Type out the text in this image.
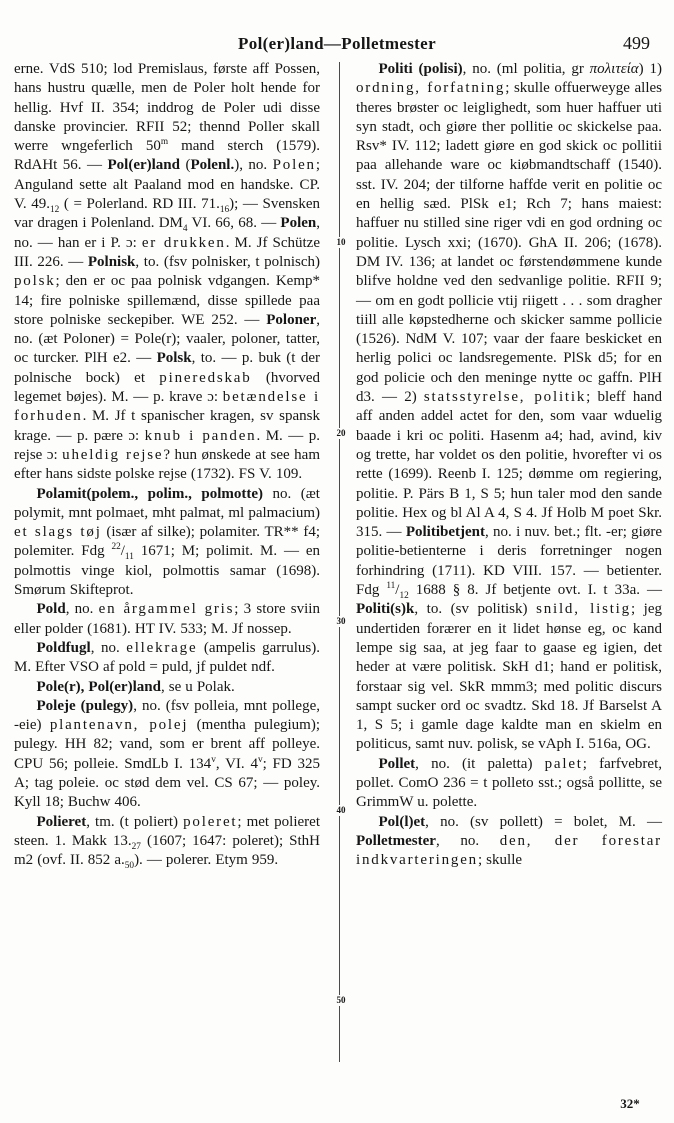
Pol(er)land—Polletmester	499

erne. VdS 510; lod Premislaus, første aff Possen, hans hustru quælle, men de Poler holt hende for hellig. Hvf II. 354; inddrog de Poler udi disse danske provincier. RFII 52; thennd Poller skall werre wngeferlich 50$^m$ mand sterch (1579). RdAHt 56. — Pol(er)land (Polenl.), no. Polen; Anguland sette alt Paaland mod en handske. CP. V. $49._{12}$ ( = Polerland. RD III. $71._{16}$); — Svensken var dragen i Polenland. $DM_4$ VI. 66, 68. — Polen, no. — han er i P. ɔ: er drukken. M. Jf Schütze III. 226. — Polnisk, to. (fsv polnisker, t polnisch) polsk; den er oc paa polnisk vdgangen. Kemp* 14; fire polniske spillemænd, disse spillede paa store polniske seckepiber. WE 252. — Poloner, no. (æt Poloner) = Pole(r); vaaler, poloner, tatter, oc turcker. PlH e2. — Polsk, to. — p. buk (t der polnische bock) et pineredskab (hvorved legemet bøjes). M. — p. krave ɔ: betændelse i forhuden. M. Jf t spanischer kragen, sv spansk krage. — p. pære ɔ: knub i panden. M. — p. rejse ɔ: uheldig rejse? hun ønskede at see ham efter hans sidste polske rejse (1732). FS V. 109.

Polamit(polem., polim., polmotte) no. (æt polymit, mnt polmaet, mht palmat, ml palmacium) et slags tøj (især af silke); polamiter. TR** f4; polemiter. Fdg $^{22}/_{11}$ 1671; M; polimit. M. — en polmottis vinge kiol, polmottis samar (1698). Smørum Skifteprot.

Pold, no. en årgammel gris; 3 store sviin eller polder (1681). HT IV. 533; M. Jf nossep.

Poldfugl, no. ellekrage (ampelis garrulus). M. Efter VSO af pold = puld, jf puldet ndf.

Pole(r), Pol(er)land, se u Polak.

Poleje (pulegy), no. (fsv polleia, mnt pollege, -eie) plantenavn, polej (mentha pulegium); pulegy. HH 82; vand, som er brent aff polleye. CPU 56; polleie. SmdLb I. 134$^v$, VI. 4$^v$; FD 325 A; tag poleie. oc stød dem vel. CS 67; — poley. Kyll 18; Buchw 406.

Polieret, tm. (t poliert) poleret; met polieret steen. 1. Makk $13._{27}$ (1607; 1647: poleret); SthH m2 (ovf. II. 852 $a._{50}$). — polerer. Etym 959.

Politi (polisi), no. (ml politia, gr πολιτεία) 1) ordning, forfatning; skulle offuerweyge alles theres brøster oc leiglighedt, som huer haffuer uti syn stadt, och giøre ther pollitie oc skickelse paa. Rsv* IV. 112; ladett giøre en god skick oc pollitii paa allehande ware oc kiøbmandtschaff (1540). sst. IV. 204; der tilforne haffde verit en politie oc en hellig sæd. PlSk e1; Rch 7; hans maiest: haffuer nu stilled sine riger vdi en god ordning oc politie. Lysch xxi; (1670). GhA II. 206; (1678). DM IV. 136; at landet oc førstendømmene kunde blifve holdne ved den sedvanlige politie. RFII 9; — om en godt pollicie vtij riigett . . . som dragher tiill alle køpstedherne och skicker samme pollicie (1526). NdM V. 107; vaar der faare beskicket en herlig polici oc landsregemente. PlSk d5; for en god policie och den meninge nytte oc gaffn. PlH d3. — 2) statsstyrelse, politik; bleff hand aff anden addel actet for den, som vaar wduelig baade i kri oc politi. Hasenm a4; had, avind, kiv og trette, har voldet os den politie, hvorefter vi os rette (1699). Reenb I. 125; dømme om regiering, politie. P. Pärs B 1, S 5; hun taler mod den sande politie. Hex og bl Al A 4, S 4. Jf Holb M poet Skr. 315. — Politibetjent, no. i nuv. bet.; flt. -er; giøre politie-betienterne i deris forretninger nogen forhindring (1711). KD VIII. 157. — betienter. Fdg $^{11}/_{12}$ 1688 § 8. Jf betjente ovt. I. t 33a. — Politi(s)k, to. (sv politisk) snild, listig; jeg undertiden forærer en it lidet hønse eg, oc kand lempe sig saa, at jeg faar to gaase eg igien, det heder at være politisk. SkH d1; hand er politisk, forstaar sig vel. SkR mmm3; med politic discurs sampt sucker ord oc svadtz. Skd 18. Jf Barselst A 1, S 5; i gamle dage kaldte man en skielm en politicus, samt nuv. polisk, se vAph I. 516a, OG.

Pollet, no. (it paletta) palet; farfvebret, pollet. ComO 236 = t polleto sst.; også pollitte, se GrimmW u. polette.

Pol(l)et, no. (sv pollett) = bolet, M. — Polletmester, no. den, der forestar indkvarteringen; skulle

10
20
30
40
50
32*
